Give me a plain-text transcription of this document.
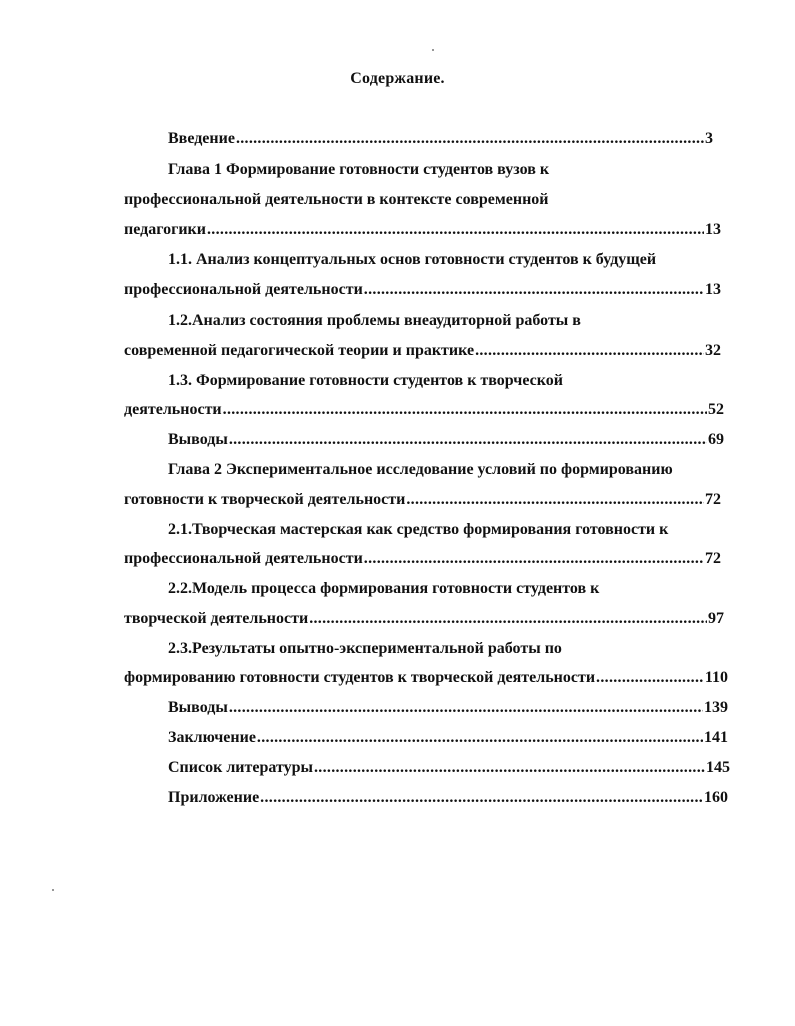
Содержание.
Введение .....	3
Глава 1 Формирование готовности студентов вузов к
профессиональной деятельности в контексте современной
педагогики .....	13
1.1. Анализ концептуальных основ готовности студентов к будущей
профессиональной деятельности .....	13
1.2.Анализ состояния проблемы внеаудиторной работы в
современной педагогической теории и практике .....	32
1.3. Формирование готовности студентов к творческой
деятельности .....	52
Выводы .....	69
Глава 2 Экспериментальное исследование условий по формированию
готовности к творческой деятельности .....	72
2.1.Творческая мастерская как средство формирования готовности к
профессиональной деятельности .....	72
2.2.Модель процесса формирования готовности студентов к
творческой деятельности .....	97
2.3.Результаты опытно-экспериментальной работы по
формированию готовности студентов к творческой деятельности .....	110
Выводы .....	139
Заключение .....	141
Список литературы .....	145
Приложение .....	160
